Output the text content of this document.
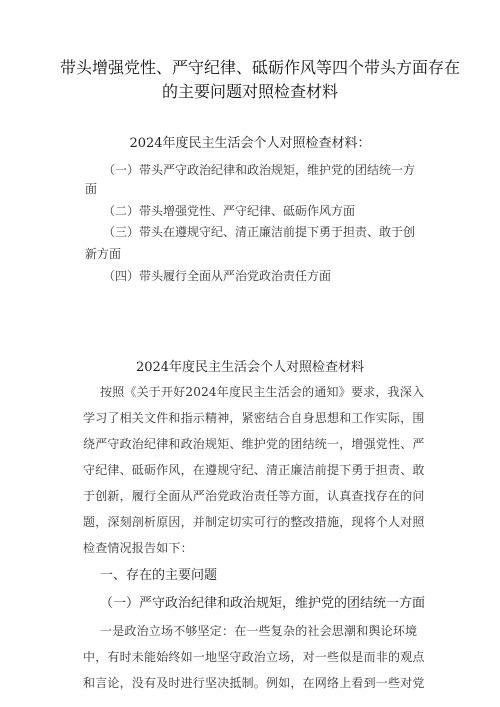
带头增强党性、严守纪律、砥砺作风等四个带头方面存在
的主要问题对照检查材料
2024年度民主生活会个人对照检查材料：
（一）带头严守政治纪律和政治规矩，维护党的团结统一方
面
（二）带头增强党性、严守纪律、砥砺作风方面
（三）带头在遵规守纪、清正廉洁前提下勇于担责、敢于创
新方面
（四）带头履行全面从严治党政治责任方面
2024年度民主生活会个人对照检查材料
按照《关于开好2024年度民主生活会的通知》要求，我深入
学习了相关文件和指示精神，紧密结合自身思想和工作实际，围
绕严守政治纪律和政治规矩、维护党的团结统一，增强党性、严
守纪律、砥砺作风，在遵规守纪、清正廉洁前提下勇于担责、敢
于创新，履行全面从严治党政治责任等方面，认真查找存在的问
题，深刻剖析原因，并制定切实可行的整改措施，现将个人对照
检查情况报告如下：
一、存在的主要问题
（一）严守政治纪律和政治规矩，维护党的团结统一方面
一是政治立场不够坚定：在一些复杂的社会思潮和舆论环境
中，有时未能始终如一地坚守政治立场，对一些似是而非的观点
和言论，没有及时进行坚决抵制。例如，在网络上看到一些对党
